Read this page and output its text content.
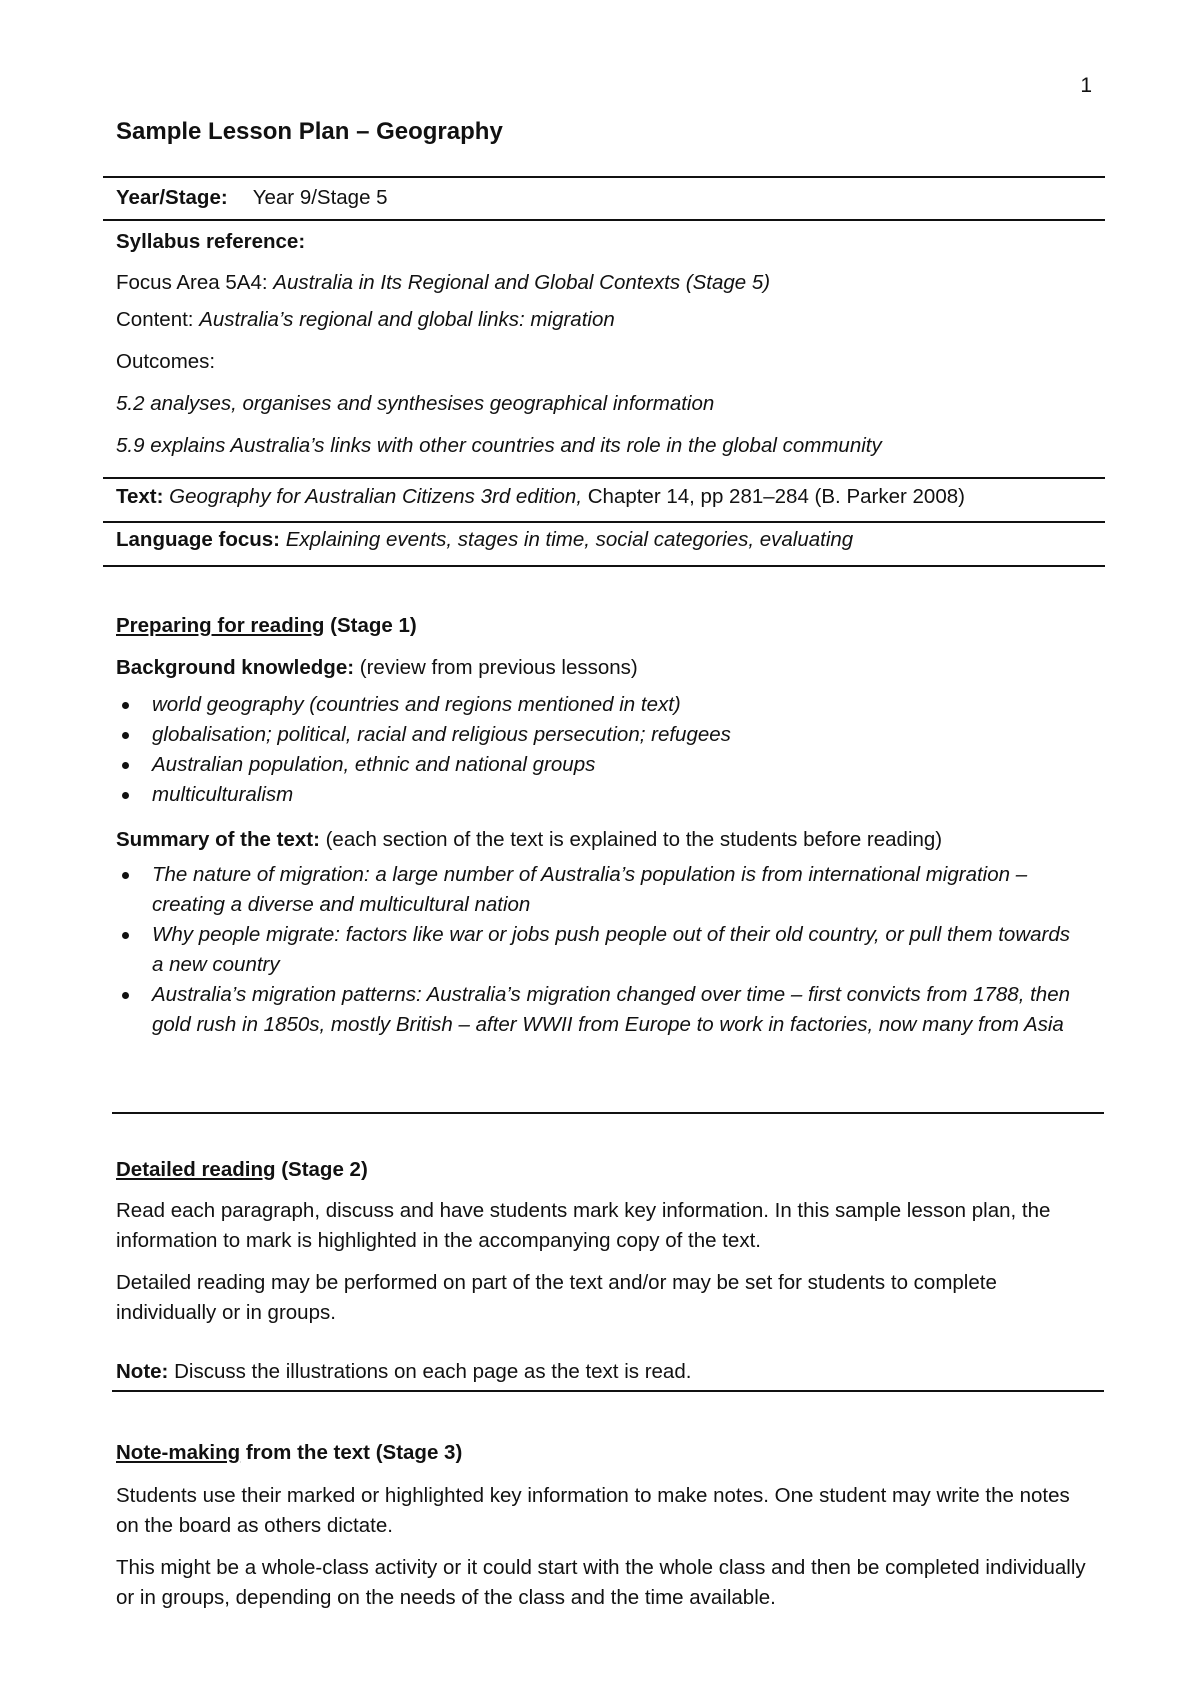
1
Sample Lesson Plan – Geography
Year/Stage: Year 9/Stage 5
Syllabus reference:
Focus Area 5A4: Australia in Its Regional and Global Contexts (Stage 5)
Content: Australia’s regional and global links: migration
Outcomes:
5.2 analyses, organises and synthesises geographical information
5.9 explains Australia’s links with other countries and its role in the global community
Text: Geography for Australian Citizens 3rd edition, Chapter 14, pp 281–284 (B. Parker 2008)
Language focus: Explaining events, stages in time, social categories, evaluating
Preparing for reading (Stage 1)
Background knowledge: (review from previous lessons)
world geography (countries and regions mentioned in text)
globalisation; political, racial and religious persecution; refugees
Australian population, ethnic and national groups
multiculturalism
Summary of the text: (each section of the text is explained to the students before reading)
The nature of migration: a large number of Australia’s population is from international migration – creating a diverse and multicultural nation
Why people migrate: factors like war or jobs push people out of their old country, or pull them towards a new country
Australia’s migration patterns: Australia’s migration changed over time – first convicts from 1788, then gold rush in 1850s, mostly British – after WWII from Europe to work in factories, now many from Asia
Detailed reading (Stage 2)

Read each paragraph, discuss and have students mark key information. In this sample lesson plan, the information to mark is highlighted in the accompanying copy of the text.

Detailed reading may be performed on part of the text and/or may be set for students to complete individually or in groups.

Note: Discuss the illustrations on each page as the text is read.
Note-making from the text (Stage 3)

Students use their marked or highlighted key information to make notes. One student may write the notes on the board as others dictate.

This might be a whole-class activity or it could start with the whole class and then be completed individually or in groups, depending on the needs of the class and the time available.
